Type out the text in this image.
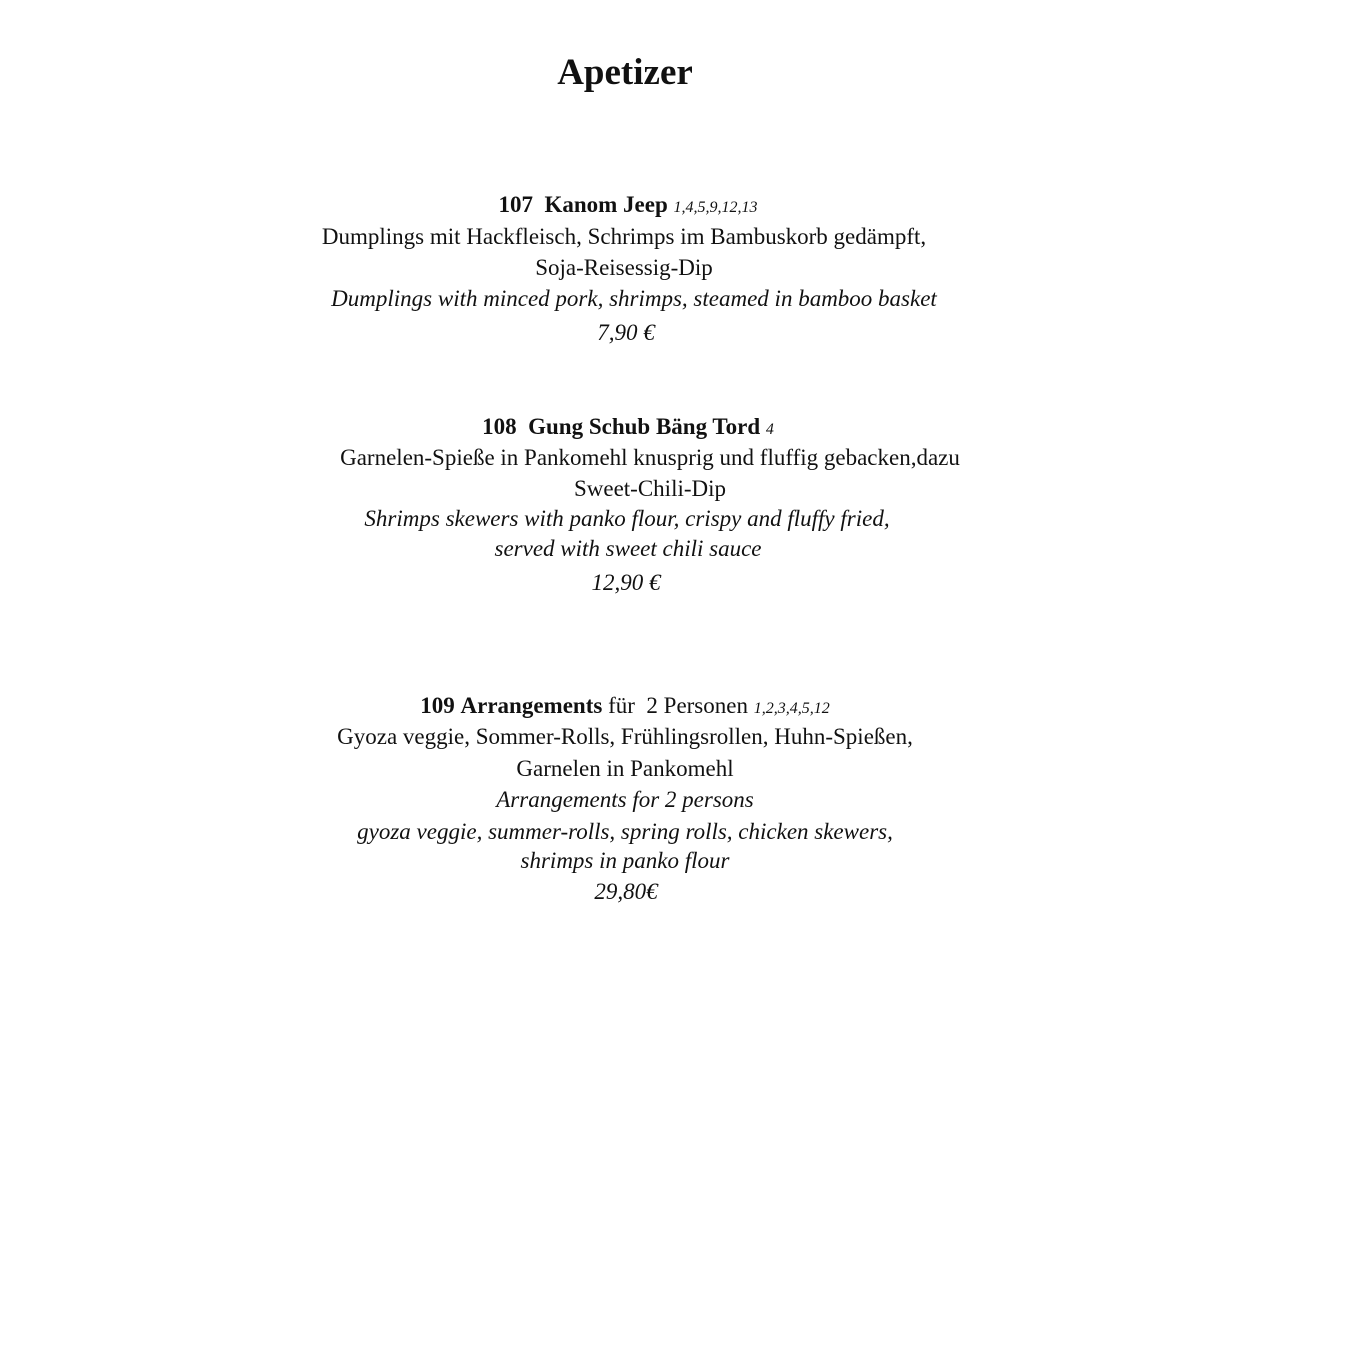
Apetizer
107 Kanom Jeep 1,4,5,9,12,13
Dumplings mit Hackfleisch, Schrimps im Bambuskorb gedämpft,
Soja-Reisessig-Dip
Dumplings with minced pork, shrimps, steamed in bamboo basket
7,90 €
108 Gung Schub Bäng Tord 4
Garnelen-Spieße in Pankomehl knusprig und fluffig gebacken,dazu
Sweet-Chili-Dip
Shrimps skewers with panko flour, crispy and fluffy fried,
served with sweet chili sauce
12,90 €
109 Arrangements für  2 Personen 1,2,3,4,5,12
Gyoza veggie, Sommer-Rolls, Frühlingsrollen, Huhn-Spießen,
Garnelen in Pankomehl
Arrangements for 2 persons
gyoza veggie, summer-rolls, spring rolls, chicken skewers,
shrimps in panko flour
29,80€
